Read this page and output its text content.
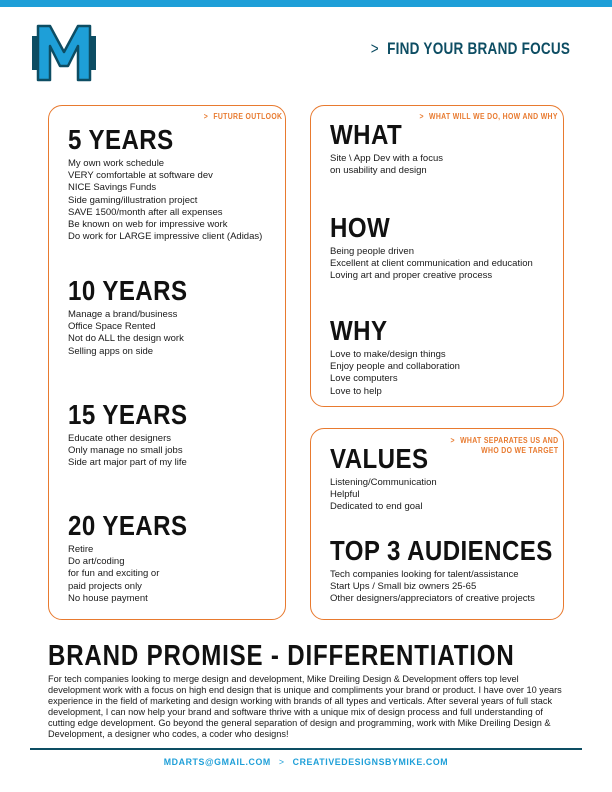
> FIND YOUR BRAND FOCUS
> FUTURE OUTLOOK
5 YEARS
My own work schedule
VERY comfortable at software dev
NICE Savings Funds
Side gaming/illustration project
SAVE 1500/month after all expenses
Be known on web for impressive work
Do work for LARGE impressive client (Adidas)
10 YEARS
Manage a brand/business
Office Space Rented
Not do ALL the design work
Selling apps on side
15 YEARS
Educate other designers
Only manage no small jobs
Side art major part of my life
20 YEARS
Retire
Do art/coding
for fun and exciting or
paid projects only
No house payment
> WHAT WILL WE DO, HOW AND WHY
WHAT
Site \ App Dev with a focus
on usability and design
HOW
Being people driven
Excellent at client communication and education
Loving art and proper creative process
WHY
Love to make/design things
Enjoy people and collaboration
Love computers
Love to help
> WHAT SEPARATES US AND
WHO DO WE TARGET
VALUES
Listening/Communication
Helpful
Dedicated to end goal
TOP 3 AUDIENCES
Tech companies looking for talent/assistance
Start Ups / Small biz owners 25-65
Other designers/appreciators of creative projects
BRAND PROMISE - DIFFERENTIATION
For tech companies looking to merge design and development, Mike Dreiling Design & Development offers top level development work with a focus on high end design that is unique and compliments your brand or product. I have over 10 years experience in the field of marketing and design working with brands of all types and verticals. After several years of full stack development, I can now help your brand and software thrive with a unique mix of design process and full understanding of cutting edge development. Go beyond the general separation of design and programming, work with Mike Dreiling Design & Development, a designer who codes, a coder who designs!
MDARTS@GMAIL.COM > CREATIVEDESIGNSBYMIKE.COM
